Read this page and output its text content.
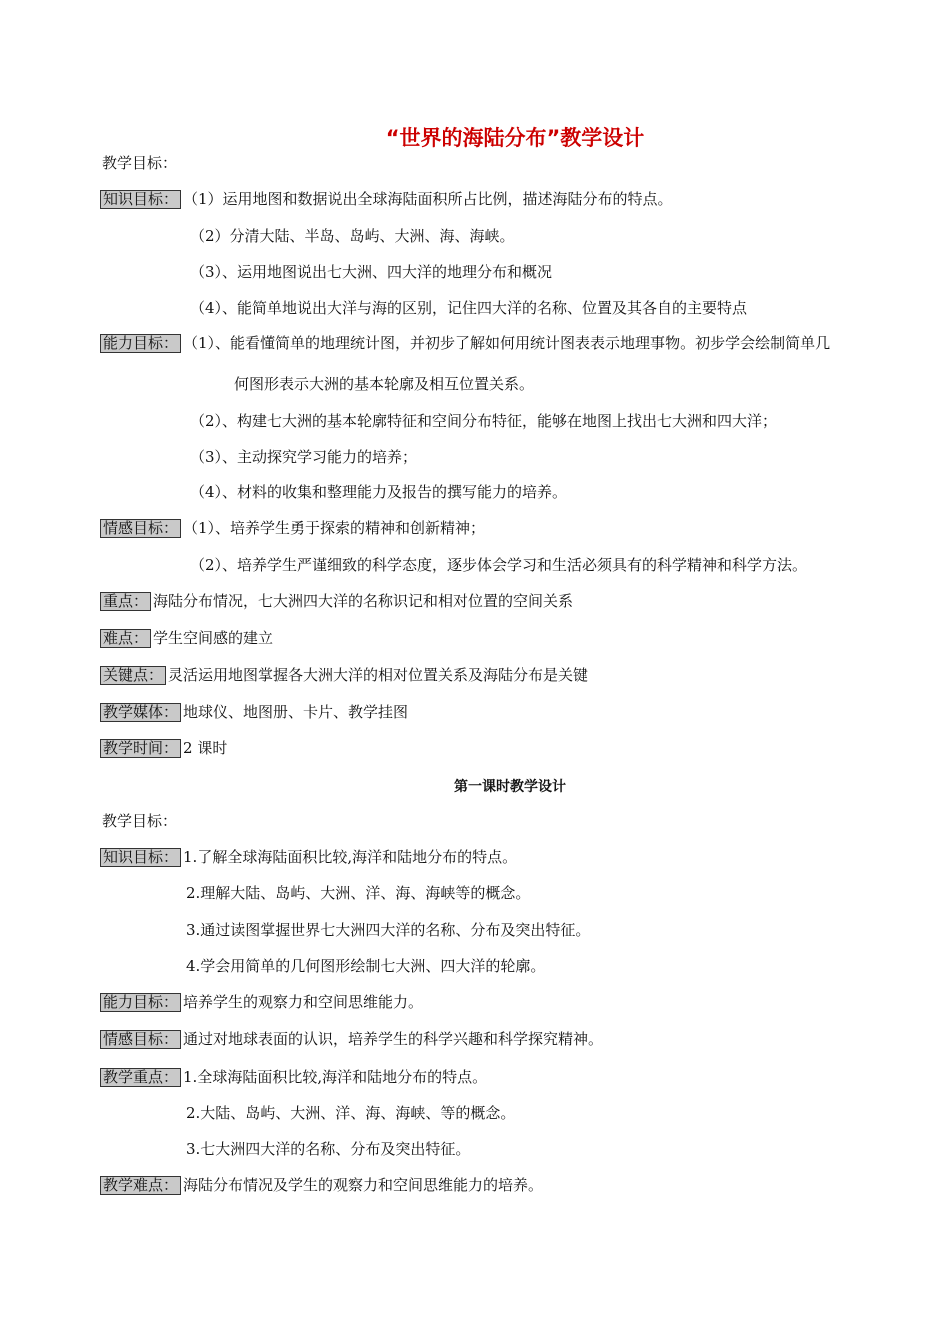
“世界的海陆分布”教学设计
教学目标：
知识目标： （1）运用地图和数据说出全球海陆面积所占比例，描述海陆分布的特点。
（2）分清大陆、半岛、岛屿、大洲、海、海峡。
（3）、运用地图说出七大洲、四大洋的地理分布和概况
（4）、能简单地说出大洋与海的区别，记住四大洋的名称、位置及其各自的主要特点
能力目标： （1）、能看懂简单的地理统计图，并初步了解如何用统计图表表示地理事物。初步学会绘制简单几
何图形表示大洲的基本轮廓及相互位置关系。
（2）、构建七大洲的基本轮廓特征和空间分布特征，能够在地图上找出七大洲和四大洋；
（3）、主动探究学习能力的培养；
（4）、材料的收集和整理能力及报告的撰写能力的培养。
情感目标： （1）、培养学生勇于探索的精神和创新精神；
（2）、培养学生严谨细致的科学态度，逐步体会学习和生活必须具有的科学精神和科学方法。
重点： 海陆分布情况，七大洲四大洋的名称识记和相对位置的空间关系
难点： 学生空间感的建立
关键点： 灵活运用地图掌握各大洲大洋的相对位置关系及海陆分布是关键
教学媒体： 地球仪、地图册、卡片、教学挂图
教学时间： 2 课时
第一课时教学设计
教学目标：
知识目标： 1.了解全球海陆面积比较,海洋和陆地分布的特点。
2.理解大陆、岛屿、大洲、洋、海、海峡等的概念。
3.通过读图掌握世界七大洲四大洋的名称、分布及突出特征。
4.学会用简单的几何图形绘制七大洲、四大洋的轮廓。
能力目标： 培养学生的观察力和空间思维能力。
情感目标： 通过对地球表面的认识，培养学生的科学兴趣和科学探究精神。
教学重点： 1.全球海陆面积比较,海洋和陆地分布的特点。
2.大陆、岛屿、大洲、洋、海、海峡、等的概念。
3.七大洲四大洋的名称、分布及突出特征。
教学难点： 海陆分布情况及学生的观察力和空间思维能力的培养。
